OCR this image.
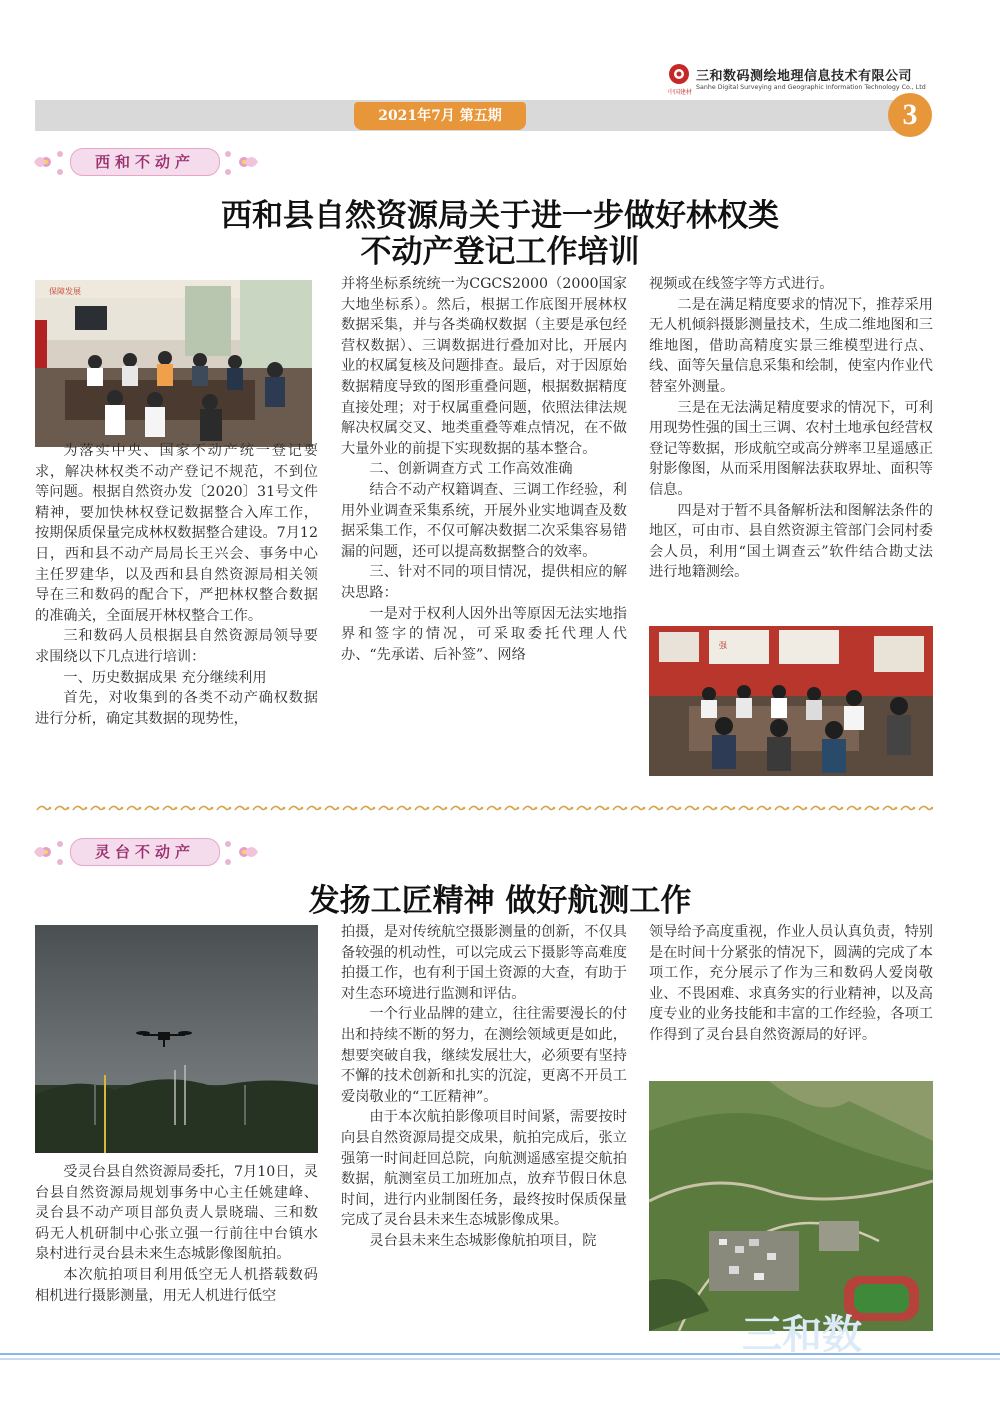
中国建材
三和数码测绘地理信息技术有限公司
Sanhe Digital Surveying and Geographic Information Technology Co., Ltd
2021年7月 第五期	3
西和不动产
西和县自然资源局关于进一步做好林权类
不动产登记工作培训
保障发展

为落实中央、国家不动产统一登记要求，解决林权类不动产登记不规范，不到位等问题。根据自然资办发〔2020〕31号文件精神，要加快林权登记数据整合入库工作，按期保质保量完成林权数据整合建设。7月12日，西和县不动产局局长王兴会、事务中心主任罗建华，以及西和县自然资源局相关领导在三和数码的配合下，严把林权整合数据的准确关，全面展开林权整合工作。

三和数码人员根据县自然资源局领导要求围绕以下几点进行培训：

一、历史数据成果 充分继续利用

首先，对收集到的各类不动产确权数据进行分析，确定其数据的现势性，

并将坐标系统统一为CGCS2000（2000国家大地坐标系）。然后，根据工作底图开展林权数据采集，并与各类确权数据（主要是承包经营权数据）、三调数据进行叠加对比，开展内业的权属复核及问题排查。最后，对于因原始数据精度导致的图形重叠问题，根据数据精度直接处理；对于权属重叠问题，依照法律法规解决权属交叉、地类重叠等难点情况，在不做大量外业的前提下实现数据的基本整合。

二、创新调查方式 工作高效准确

结合不动产权籍调查、三调工作经验，利用外业调查采集系统，开展外业实地调查及数据采集工作，不仅可解决数据二次采集容易错漏的问题，还可以提高数据整合的效率。

三、针对不同的项目情况，提供相应的解决思路：

一是对于权利人因外出等原因无法实地指界和签字的情况，可采取委托代理人代办、“先承诺、后补签”、网络

视频或在线签字等方式进行。

二是在满足精度要求的情况下，推荐采用无人机倾斜摄影测量技术，生成二维地图和三维地图，借助高精度实景三维模型进行点、线、面等矢量信息采集和绘制，使室内作业代替室外测量。

三是在无法满足精度要求的情况下，可利用现势性强的国土三调、农村土地承包经营权登记等数据，形成航空或高分辨率卫星遥感正射影像图，从而采用图解法获取界址、面积等信息。

四是对于暂不具备解析法和图解法条件的地区，可由市、县自然资源主管部门会同村委会人员，利用“国土调查云”软件结合勘丈法进行地籍测绘。

强
灵台不动产
发扬工匠精神 做好航测工作

受灵台县自然资源局委托，7月10日，灵台县自然资源局规划事务中心主任姚建峰、灵台县不动产项目部负责人景晓瑞、三和数码无人机研制中心张立强一行前往中台镇水泉村进行灵台县未来生态城影像图航拍。

本次航拍项目利用低空无人机搭载数码相机进行摄影测量，用无人机进行低空

拍摄，是对传统航空摄影测量的创新，不仅具备较强的机动性，可以完成云下摄影等高难度拍摄工作，也有利于国土资源的大查，有助于对生态环境进行监测和评估。

一个行业品牌的建立，往往需要漫长的付出和持续不断的努力，在测绘领域更是如此，想要突破自我，继续发展壮大，必须要有坚持不懈的技术创新和扎实的沉淀，更离不开员工爱岗敬业的“工匠精神”。

由于本次航拍影像项目时间紧，需要按时向县自然资源局提交成果，航拍完成后，张立强第一时间赶回总院，向航测遥感室提交航拍数据，航测室员工加班加点，放弃节假日休息时间，进行内业制图任务，最终按时保质保量完成了灵台县未来生态城影像成果。

灵台县未来生态城影像航拍项目，院

领导给予高度重视，作业人员认真负责，特别是在时间十分紧张的情况下，圆满的完成了本项工作，充分展示了作为三和数码人爱岗敬业、不畏困难、求真务实的行业精神，以及高度专业的业务技能和丰富的工作经验，各项工作得到了灵台县自然资源局的好评。

三和数
